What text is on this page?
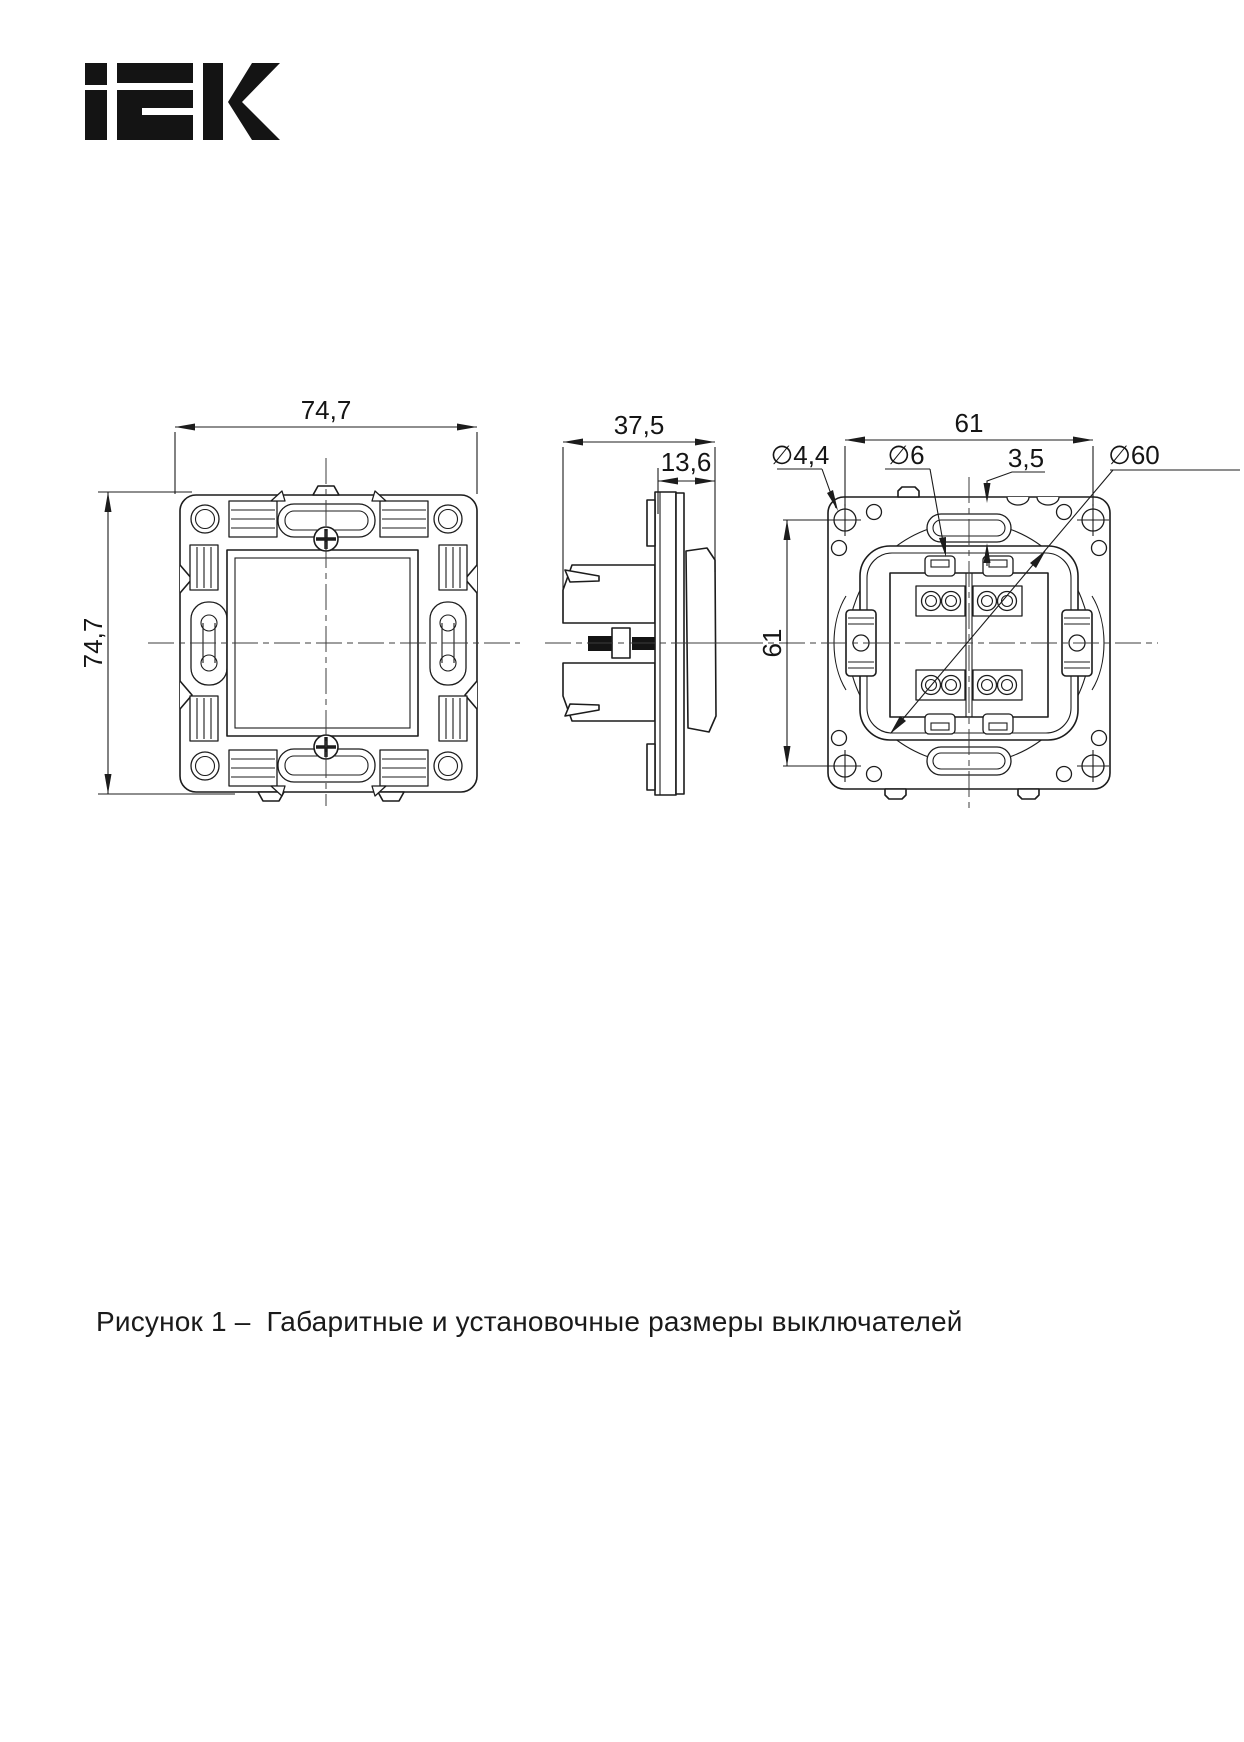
74,7
74,7
37,5
13,6
61
61
∅4,4 ∅6	3,5 ∅60
Рисунок 1 – Габаритные и установочные размеры выключателей
